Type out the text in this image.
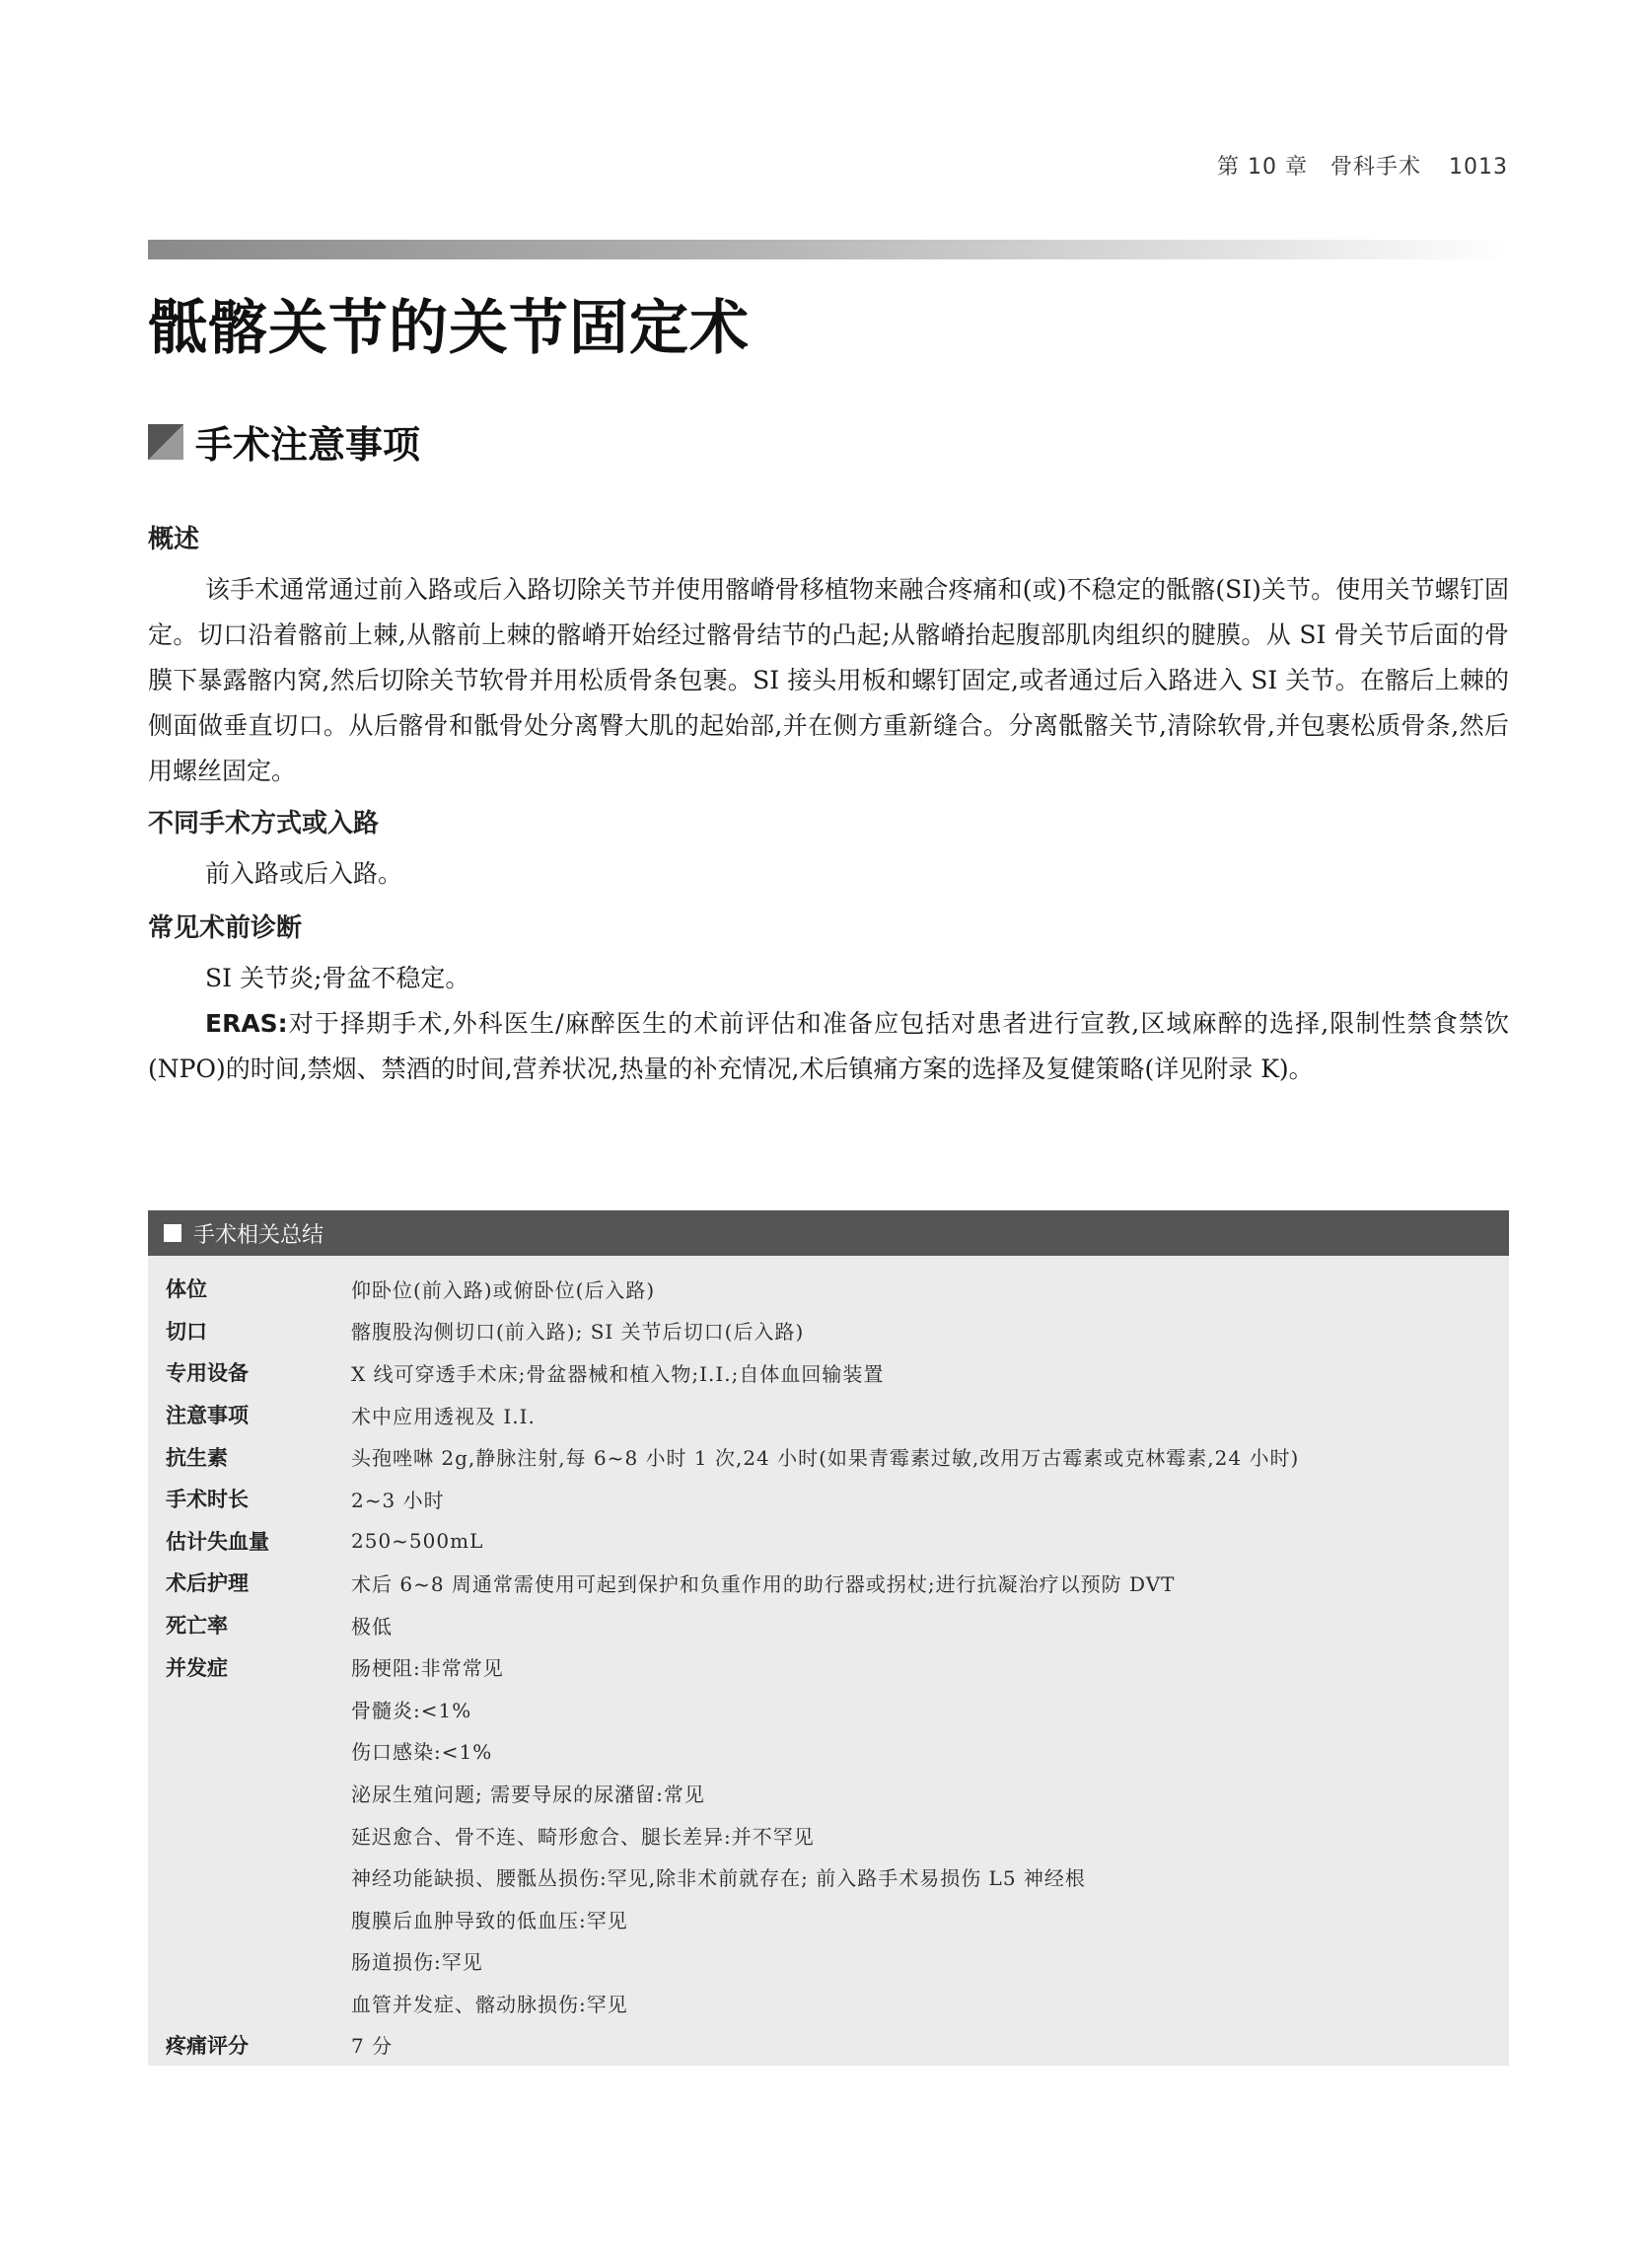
第 10 章　骨科手术 1013
骶髂关节的关节固定术
手术注意事项
概述

该手术通常通过前入路或后入路切除关节并使用髂嵴骨移植物来融合疼痛和(或)不稳定的骶髂(SI)关节。使用关节螺钉固定。切口沿着髂前上棘,从髂前上棘的髂嵴开始经过髂骨结节的凸起;从髂嵴抬起腹部肌肉组织的腱膜。从 SI 骨关节后面的骨膜下暴露髂内窝,然后切除关节软骨并用松质骨条包裹。SI 接头用板和螺钉固定,或者通过后入路进入 SI 关节。在髂后上棘的侧面做垂直切口。从后髂骨和骶骨处分离臀大肌的起始部,并在侧方重新缝合。分离骶髂关节,清除软骨,并包裹松质骨条,然后用螺丝固定。

不同手术方式或入路

前入路或后入路。

常见术前诊断

SI 关节炎;骨盆不稳定。

ERAS:对于择期手术,外科医生/麻醉医生的术前评估和准备应包括对患者进行宣教,区域麻醉的选择,限制性禁食禁饮(NPO)的时间,禁烟、禁酒的时间,营养状况,热量的补充情况,术后镇痛方案的选择及复健策略(详见附录 K)。

手术相关总结
体位	仰卧位(前入路)或俯卧位(后入路)
切口	髂腹股沟侧切口(前入路); SI 关节后切口(后入路)
专用设备	X 线可穿透手术床;骨盆器械和植入物;I.I.;自体血回输装置
注意事项	术中应用透视及 I.I.
抗生素	头孢唑啉 2g,静脉注射,每 6~8 小时 1 次,24 小时(如果青霉素过敏,改用万古霉素或克林霉素,24 小时)
手术时长	2~3 小时
估计失血量	250~500mL
术后护理	术后 6~8 周通常需使用可起到保护和负重作用的助行器或拐杖;进行抗凝治疗以预防 DVT
死亡率	极低
并发症	肠梗阻:非常常见
骨髓炎:<1%
伤口感染:<1%
泌尿生殖问题; 需要导尿的尿潴留:常见
延迟愈合、骨不连、畸形愈合、腿长差异:并不罕见
神经功能缺损、腰骶丛损伤:罕见,除非术前就存在; 前入路手术易损伤 L5 神经根
腹膜后血肿导致的低血压:罕见
肠道损伤:罕见
血管并发症、髂动脉损伤:罕见
疼痛评分	7 分
